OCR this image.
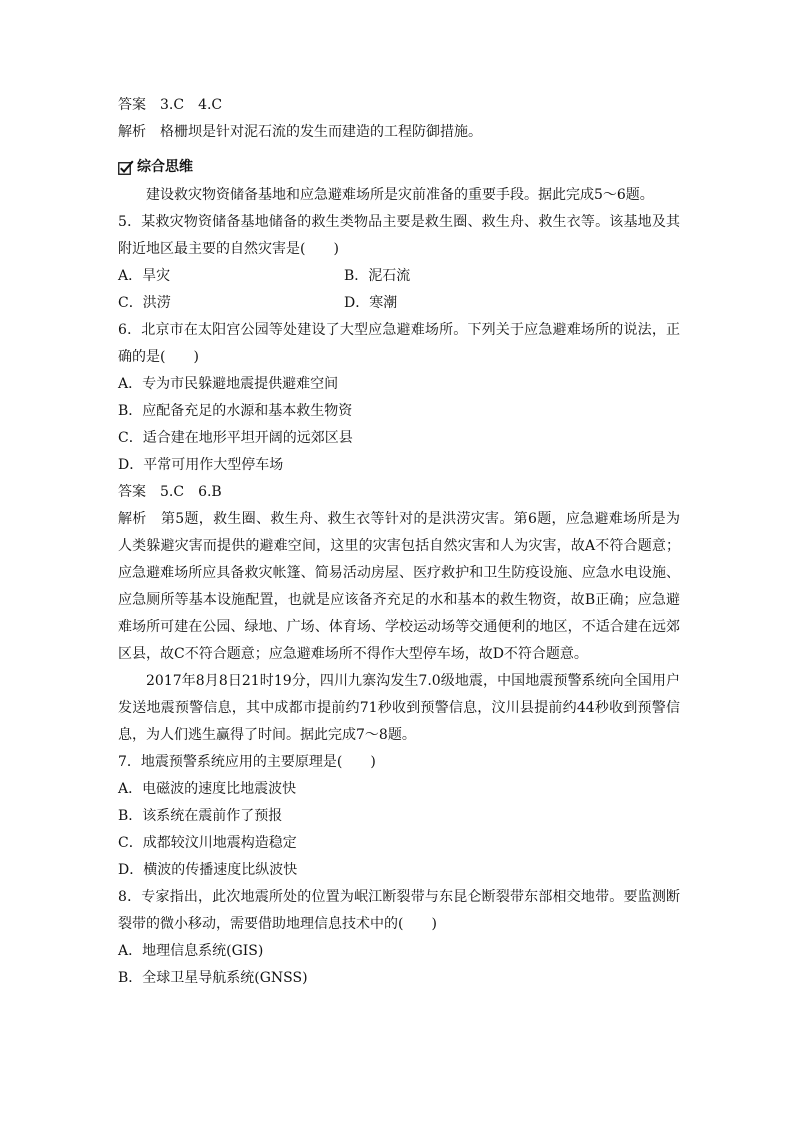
答案 3.C　4.C
解析 格栅坝是针对泥石流的发生而建造的工程防御措施。
综合思维
建设救灾物资储备基地和应急避难场所是灾前准备的重要手段。据此完成5～6题。
5．某救灾物资储备基地储备的救生类物品主要是救生圈、救生舟、救生衣等。该基地及其附近地区最主要的自然灾害是(　　)
A．旱灾	B．泥石流
C．洪涝	D．寒潮
6．北京市在太阳宫公园等处建设了大型应急避难场所。下列关于应急避难场所的说法，正确的是(　　)
A．专为市民躲避地震提供避难空间
B．应配备充足的水源和基本救生物资
C．适合建在地形平坦开阔的远郊区县
D．平常可用作大型停车场
答案 5.C　6.B
解析 第5题，救生圈、救生舟、救生衣等针对的是洪涝灾害。第6题，应急避难场所是为人类躲避灾害而提供的避难空间，这里的灾害包括自然灾害和人为灾害，故A不符合题意；应急避难场所应具备救灾帐篷、简易活动房屋、医疗救护和卫生防疫设施、应急水电设施、应急厕所等基本设施配置，也就是应该备齐充足的水和基本的救生物资，故B正确；应急避难场所可建在公园、绿地、广场、体育场、学校运动场等交通便利的地区，不适合建在远郊区县，故C不符合题意；应急避难场所不得作大型停车场，故D不符合题意。
2017年8月8日21时19分，四川九寨沟发生7.0级地震，中国地震预警系统向全国用户发送地震预警信息，其中成都市提前约71秒收到预警信息，汶川县提前约44秒收到预警信息，为人们逃生赢得了时间。据此完成7～8题。
7．地震预警系统应用的主要原理是(　　)
A．电磁波的速度比地震波快
B．该系统在震前作了预报
C．成都较汶川地震构造稳定
D．横波的传播速度比纵波快
8．专家指出，此次地震所处的位置为岷江断裂带与东昆仑断裂带东部相交地带。要监测断裂带的微小移动，需要借助地理信息技术中的(　　)
A．地理信息系统(GIS)
B．全球卫星导航系统(GNSS)
